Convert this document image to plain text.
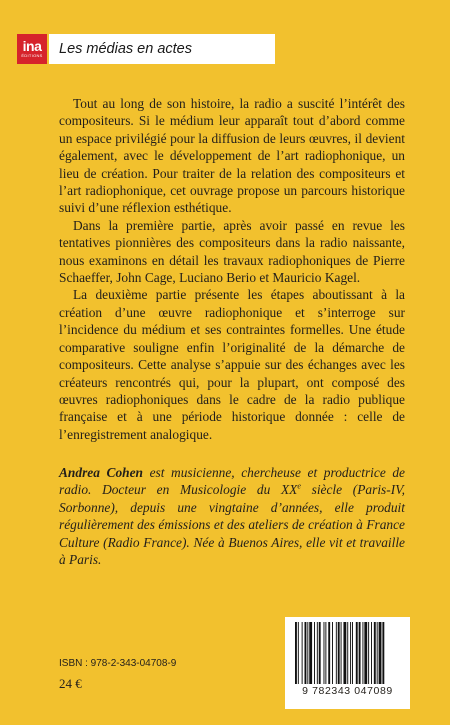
ina
ÉDITIONS	Les médias en actes

Tout au long de son histoire, la radio a suscité l’intérêt des compositeurs. Si le médium leur apparaît tout d’abord comme un espace privilégié pour la diffusion de leurs œuvres, il devient également, avec le développement de l’art radiophonique, un lieu de création. Pour traiter de la relation des compositeurs et l’art radiophonique, cet ouvrage propose un parcours historique suivi d’une réflexion esthétique.

Dans la première partie, après avoir passé en revue les tentatives pionnières des compositeurs dans la radio naissante, nous examinons en détail les travaux radiophoniques de Pierre Schaeffer, John Cage, Luciano Berio et Mauricio Kagel.

La deuxième partie présente les étapes aboutissant à la création d’une œuvre radiophonique et s’interroge sur l’incidence du médium et ses contraintes formelles. Une étude comparative souligne enfin l’originalité de la démarche de compositeurs. Cette analyse s’appuie sur des échanges avec les créateurs rencontrés qui, pour la plupart, ont composé des œuvres radiophoniques dans le cadre de la radio publique française et à une période historique donnée : celle de l’enregistrement analogique.

Andrea Cohen est musicienne, chercheuse et productrice de radio. Docteur en Musicologie du XXe siècle (Paris-IV, Sorbonne), depuis une vingtaine d’années, elle produit régulièrement des émissions et des ateliers de création à France Culture (Radio France). Née à Buenos Aires, elle vit et travaille à Paris.

ISBN : 978-2-343-04708-9
24 €	9 782343 047089
